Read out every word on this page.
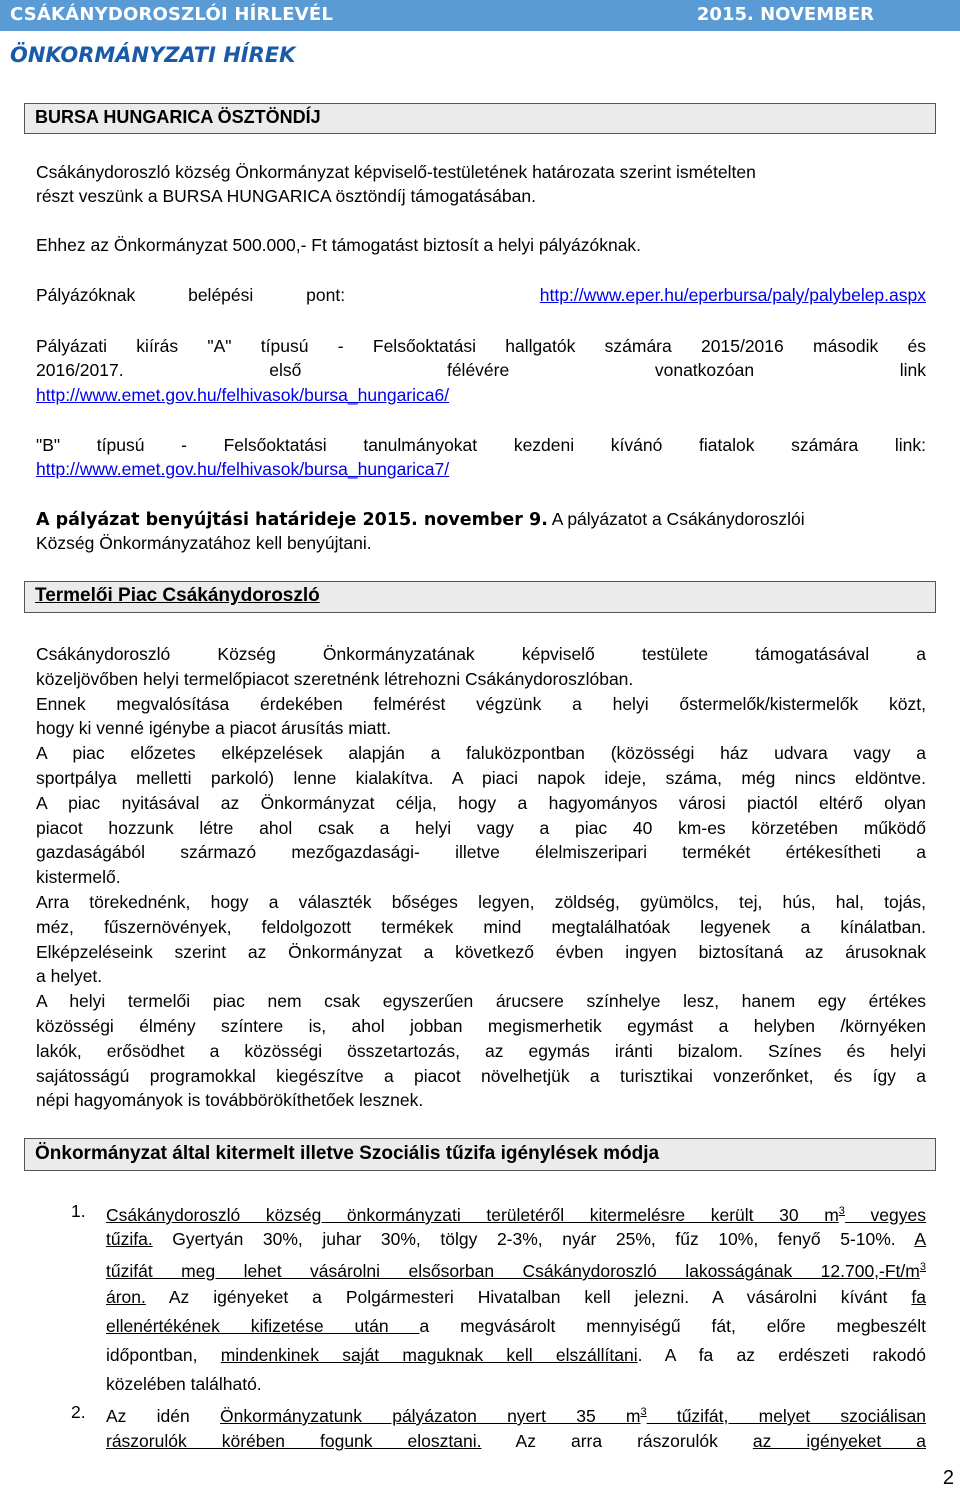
CSÁKÁNYDOROSZLÓI HÍRLEVÉL	2015. NOVEMBER
ÖNKORMÁNYZATI HÍREK
BURSA HUNGARICA ÖSZTÖNDÍJ
Csákánydoroszló község Önkormányzat képviselő-testületének határozata szerint ismételten
részt veszünk a BURSA HUNGARICA ösztöndíj támogatásában.
Ehhez az Önkormányzat 500.000,- Ft támogatást biztosít a helyi pályázóknak.
Pályázóknak belépési pont:	http://www.eper.hu/eperbursa/paly/palybelep.aspx
Pályázati kiírás "A" típusú - Felsőoktatási hallgatók számára 2015/2016 második és
2016/2017. első félévére vonatkozóan link
http://www.emet.gov.hu/felhivasok/bursa_hungarica6/
"B" típusú - Felsőoktatási tanulmányokat kezdeni kívánó fiatalok számára link:
http://www.emet.gov.hu/felhivasok/bursa_hungarica7/
A pályázat benyújtási határideje 2015. november 9. A pályázatot a Csákánydoroszlói
Község Önkormányzatához kell benyújtani.
Termelői Piac Csákánydoroszló
Csákánydoroszló Község Önkormányzatának képviselő testülete támogatásával a
közeljövőben helyi termelőpiacot szeretnénk létrehozni Csákánydoroszlóban.
Ennek megvalósítása érdekében felmérést végzünk a helyi őstermelők/kistermelők közt,
hogy ki venné igénybe a piacot árusítás miatt.
A piac előzetes elképzelések alapján a faluközpontban (közösségi ház udvara vagy a
sportpálya melletti parkoló) lenne kialakítva. A piaci napok ideje, száma, még nincs eldöntve.
A piac nyitásával az Önkormányzat célja, hogy a hagyományos városi piactól eltérő olyan
piacot hozzunk létre ahol csak a helyi vagy a piac 40 km-es körzetében működő
gazdaságából származó mezőgazdasági- illetve élelmiszeripari termékét értékesítheti a
kistermelő.
Arra törekednénk, hogy a választék bőséges legyen, zöldség, gyümölcs, tej, hús, hal, tojás,
méz, fűszernövények, feldolgozott termékek mind megtalálhatóak legyenek a kínálatban.
Elképzeléseink szerint az Önkormányzat a következő évben ingyen biztosítaná az árusoknak
a helyet.
A helyi termelői piac nem csak egyszerűen árucsere színhelye lesz, hanem egy értékes
közösségi élmény színtere is, ahol jobban megismerhetik egymást a helyben /környéken
lakók, erősödhet a közösségi összetartozás, az egymás iránti bizalom. Színes és helyi
sajátosságú programokkal kiegészítve a piacot növelhetjük a turisztikai vonzerőnket, és így a
népi hagyományok is továbbörökíthetőek lesznek.
Önkormányzat által kitermelt illetve Szociális tűzifa igénylések módja
1. Csákánydoroszló község önkormányzati területéről kitermelésre került 30 $m^3$ vegyes
tűzifa. Gyertyán 30%, juhar 30%, tölgy 2-3%, nyár 25%, fűz 10%, fenyő 5-10%. A
tűzifát meg lehet vásárolni elsősorban Csákánydoroszló lakosságának $12.700,-Ft/m^3$
áron. Az igényeket a Polgármesteri Hivatalban kell jelezni. A vásárolni kívánt fa
ellenértékének kifizetése után a megvásárolt mennyiségű fát, előre megbeszélt
időpontban, mindenkinek saját maguknak kell elszállítani. A fa az erdészeti rakodó
közelében található.
2. Az idén Önkormányzatunk pályázaton nyert 35 $m^3$ tűzifát, melyet szociálisan
rászorulók körében fogunk elosztani. Az arra rászorulók az igényeket a
2
